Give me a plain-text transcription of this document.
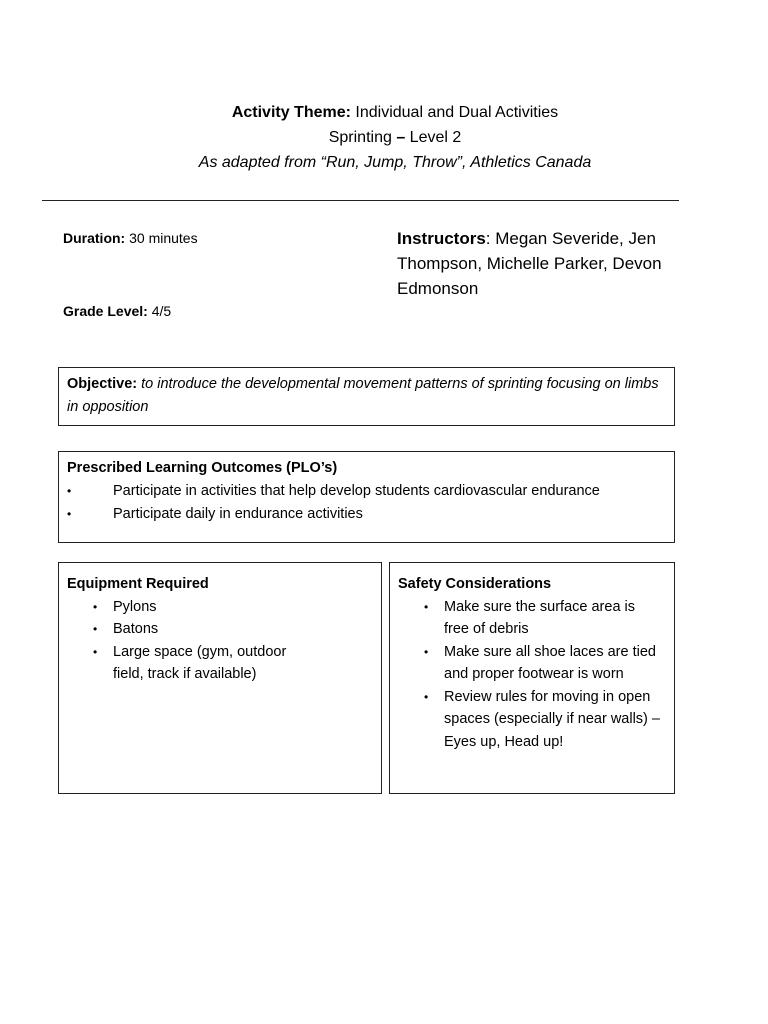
Activity Theme: Individual and Dual Activities
Sprinting – Level 2
As adapted from “Run, Jump, Throw”, Athletics Canada
Duration: 30 minutes
Grade Level: 4/5
Instructors: Megan Severide, Jen Thompson, Michelle Parker, Devon Edmonson
Objective: to introduce the developmental movement patterns of sprinting focusing on limbs in opposition
Prescribed Learning Outcomes (PLO’s)
•	Participate in activities that help develop students cardiovascular endurance
•	Participate daily in endurance activities
Equipment Required
• Pylons
• Batons
• Large space (gym, outdoor field, track if available)
Safety Considerations
• Make sure the surface area is free of debris
• Make sure all shoe laces are tied and proper footwear is worn
• Review rules for moving in open spaces (especially if near walls) – Eyes up, Head up!
